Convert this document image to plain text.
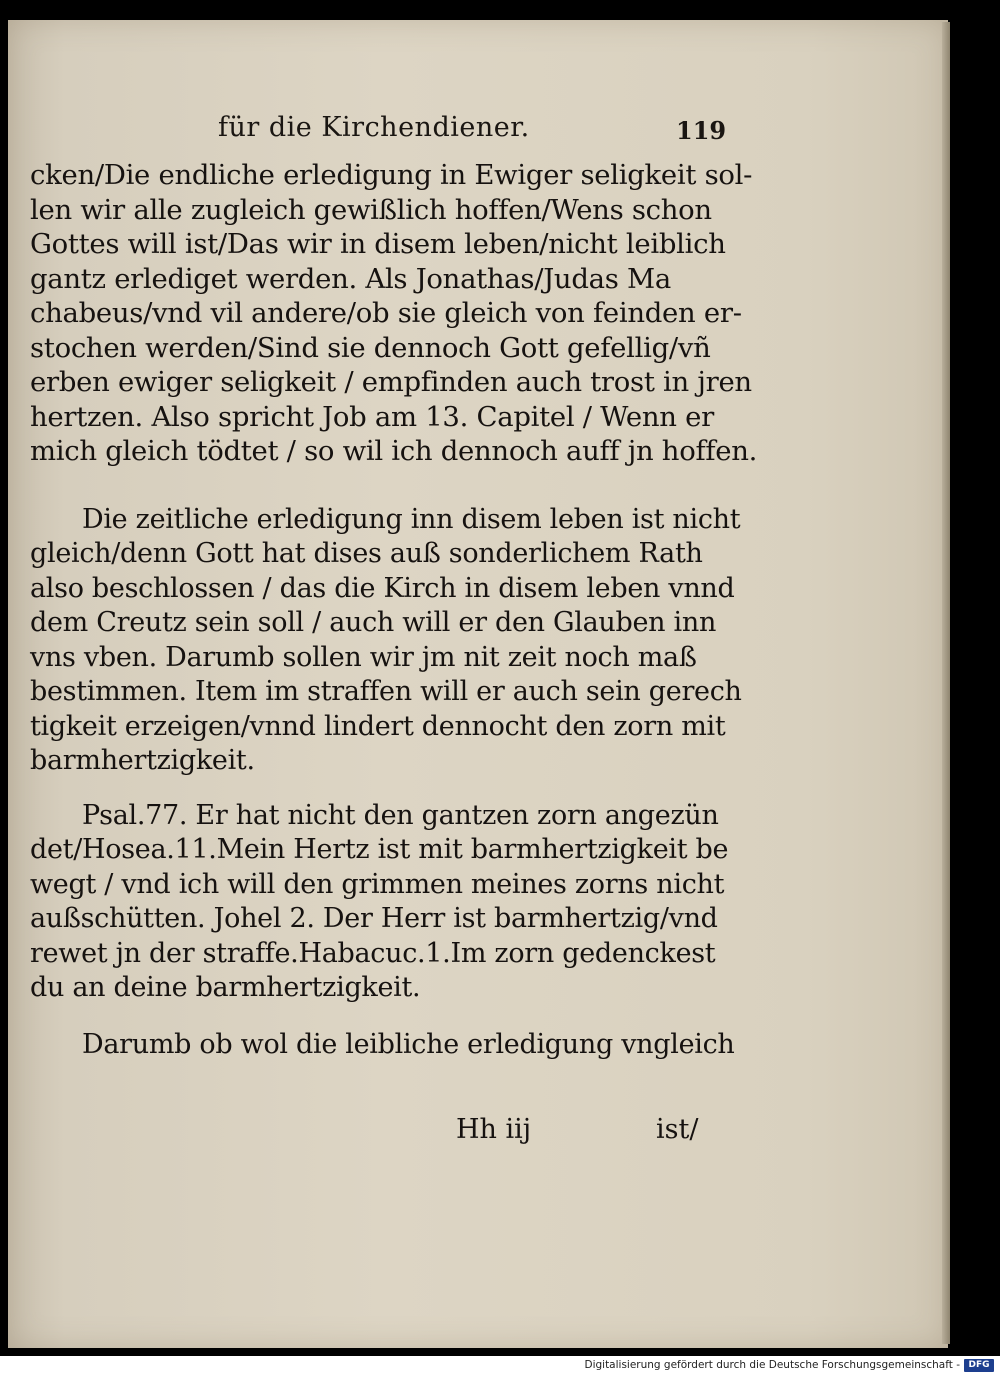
für die Kirchendiener.	119
cken/Die endliche erledigung in Ewiger seligkeit sol-
len wir alle zugleich gewißlich hoffen/Wens schon
Gottes will ist/Das wir in disem leben/nicht leiblich
gantz erlediget werden. Als Jonathas/Judas Ma
chabeus/vnd vil andere/ob sie gleich von feinden er-
stochen werden/Sind sie dennoch Gott gefellig/vñ
erben ewiger seligkeit / empfinden auch trost in jren
hertzen. Also spricht Job am 13. Capitel / Wenn er
mich gleich tödtet / so wil ich dennoch auff jn hoffen.
Die zeitliche erledigung inn disem leben ist nicht
gleich/denn Gott hat dises auß sonderlichem Rath
also beschlossen / das die Kirch in disem leben vnnd
dem Creutz sein soll / auch will er den Glauben inn
vns vben. Darumb sollen wir jm nit zeit noch maß
bestimmen. Item im straffen will er auch sein gerech
tigkeit erzeigen/vnnd lindert dennocht den zorn mit
barmhertzigkeit.
Psal.77. Er hat nicht den gantzen zorn angezün
det/Hosea.11.Mein Hertz ist mit barmhertzigkeit be
wegt / vnd ich will den grimmen meines zorns nicht
außschütten. Johel 2. Der Herr ist barmhertzig/vnd
rewet jn der straffe.Habacuc.1.Im zorn gedenckest
du an deine barmhertzigkeit.
Darumb ob wol die leibliche erledigung vngleich
Hh iij	ist/
Digitalisierung gefördert durch die Deutsche Forschungsgemeinschaft - DFG
